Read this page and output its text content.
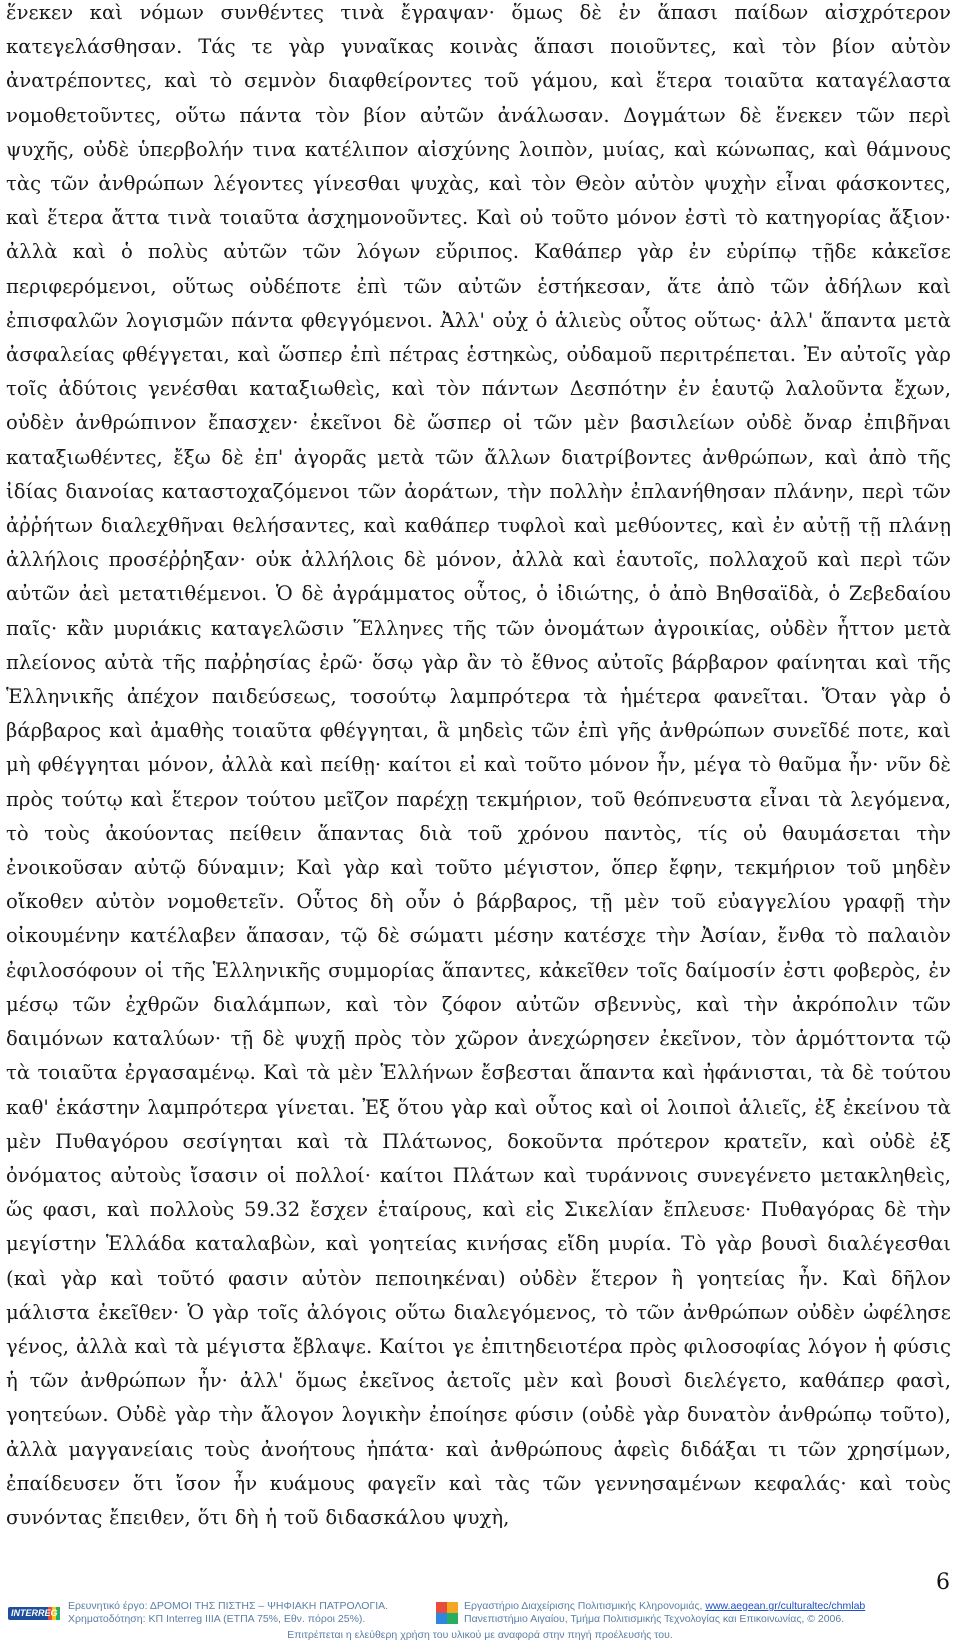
ἕνεκεν καὶ νόμων συνθέντες τινὰ ἔγραψαν· ὅμως δὲ ἐν ἅπασι παίδων αἰσχρότερον κατεγελάσθησαν. Τάς τε γὰρ γυναῖκας κοινὰς ἅπασι ποιοῦντες, καὶ τὸν βίον αὐτὸν ἀνατρέποντες, καὶ τὸ σεμνὸν διαφθείροντες τοῦ γάμου, καὶ ἕτερα τοιαῦτα καταγέλαστα νομοθετοῦντες, οὕτω πάντα τὸν βίον αὐτῶν ἀνάλωσαν. Δογμάτων δὲ ἕνεκεν τῶν περὶ ψυχῆς, οὐδὲ ὑπερβολήν τινα κατέλιπον αἰσχύνης λοιπὸν, μυίας, καὶ κώνωπας, καὶ θάμνους τὰς τῶν ἀνθρώπων λέγοντες γίνεσθαι ψυχὰς, καὶ τὸν Θεὸν αὐτὸν ψυχὴν εἶναι φάσκοντες, καὶ ἕτερα ἄττα τινὰ τοιαῦτα ἀσχημονοῦντες. Καὶ οὐ τοῦτο μόνον ἐστὶ τὸ κατηγορίας ἄξιον· ἀλλὰ καὶ ὁ πολὺς αὐτῶν τῶν λόγων εὔριπος. Καθάπερ γὰρ ἐν εὐρίπῳ τῇδε κἀκεῖσε περιφερόμενοι, οὕτως οὐδέποτε ἐπὶ τῶν αὐτῶν ἑστήκεσαν, ἅτε ἀπὸ τῶν ἀδήλων καὶ ἐπισφαλῶν λογισμῶν πάντα φθεγγόμενοι. Ἀλλ' οὐχ ὁ ἁλιεὺς οὗτος οὕτως· ἀλλ' ἅπαντα μετὰ ἀσφαλείας φθέγγεται, καὶ ὥσπερ ἐπὶ πέτρας ἑστηκὼς, οὐδαμοῦ περιτρέπεται. Ἐν αὐτοῖς γὰρ τοῖς ἀδύτοις γενέσθαι καταξιωθεὶς, καὶ τὸν πάντων Δεσπότην ἐν ἑαυτῷ λαλοῦντα ἔχων, οὐδὲν ἀνθρώπινον ἔπασχεν· ἐκεῖνοι δὲ ὥσπερ οἱ τῶν μὲν βασιλείων οὐδὲ ὄναρ ἐπιβῆναι καταξιωθέντες, ἔξω δὲ ἐπ' ἀγορᾶς μετὰ τῶν ἄλλων διατρίβοντες ἀνθρώπων, καὶ ἀπὸ τῆς ἰδίας διανοίας καταστοχαζόμενοι τῶν ἀοράτων, τὴν πολλὴν ἐπλανήθησαν πλάνην, περὶ τῶν ἀῤῥήτων διαλεχθῆναι θελήσαντες, καὶ καθάπερ τυφλοὶ καὶ μεθύοντες, καὶ ἐν αὐτῇ τῇ πλάνῃ ἀλλήλοις προσέῤῥηξαν· οὐκ ἀλλήλοις δὲ μόνον, ἀλλὰ καὶ ἑαυτοῖς, πολλαχοῦ καὶ περὶ τῶν αὐτῶν ἀεὶ μετατιθέμενοι. Ὁ δὲ ἀγράμματος οὗτος, ὁ ἰδιώτης, ὁ ἀπὸ Βηθσαϊδὰ, ὁ Ζεβεδαίου παῖς· κἂν μυριάκις καταγελῶσιν Ἕλληνες τῆς τῶν ὀνομάτων ἀγροικίας, οὐδὲν ἧττον μετὰ πλείονος αὐτὰ τῆς παῤῥησίας ἐρῶ· ὅσῳ γὰρ ἂν τὸ ἔθνος αὐτοῖς βάρβαρον φαίνηται καὶ τῆς Ἑλληνικῆς ἀπέχον παιδεύσεως, τοσούτῳ λαμπρότερα τὰ ἡμέτερα φανεῖται. Ὅταν γὰρ ὁ βάρβαρος καὶ ἀμαθὴς τοιαῦτα φθέγγηται, ἃ μηδεὶς τῶν ἐπὶ γῆς ἀνθρώπων συνεῖδέ ποτε, καὶ μὴ φθέγγηται μόνον, ἀλλὰ καὶ πείθῃ· καίτοι εἰ καὶ τοῦτο μόνον ἦν, μέγα τὸ θαῦμα ἦν· νῦν δὲ πρὸς τούτῳ καὶ ἕτερον τούτου μεῖζον παρέχῃ τεκμήριον, τοῦ θεόπνευστα εἶναι τὰ λεγόμενα, τὸ τοὺς ἀκούοντας πείθειν ἅπαντας διὰ τοῦ χρόνου παντὸς, τίς οὐ θαυμάσεται τὴν ἐνοικοῦσαν αὐτῷ δύναμιν; Καὶ γὰρ καὶ τοῦτο μέγιστον, ὅπερ ἔφην, τεκμήριον τοῦ μηδὲν οἴκοθεν αὐτὸν νομοθετεῖν. Οὗτος δὴ οὖν ὁ βάρβαρος, τῇ μὲν τοῦ εὐαγγελίου γραφῇ τὴν οἰκουμένην κατέλαβεν ἅπασαν, τῷ δὲ σώματι μέσην κατέσχε τὴν Ἀσίαν, ἔνθα τὸ παλαιὸν ἐφιλοσόφουν οἱ τῆς Ἑλληνικῆς συμμορίας ἅπαντες, κἀκεῖθεν τοῖς δαίμοσίν ἐστι φοβερὸς, ἐν μέσῳ τῶν ἐχθρῶν διαλάμπων, καὶ τὸν ζόφον αὐτῶν σβεννὺς, καὶ τὴν ἀκρόπολιν τῶν δαιμόνων καταλύων· τῇ δὲ ψυχῇ πρὸς τὸν χῶρον ἀνεχώρησεν ἐκεῖνον, τὸν ἁρμόττοντα τῷ τὰ τοιαῦτα ἐργασαμένῳ. Καὶ τὰ μὲν Ἑλλήνων ἔσβεσται ἅπαντα καὶ ἠφάνισται, τὰ δὲ τούτου καθ' ἑκάστην λαμπρότερα γίνεται. Ἐξ ὅτου γὰρ καὶ οὗτος καὶ οἱ λοιποὶ ἁλιεῖς, ἐξ ἐκείνου τὰ μὲν Πυθαγόρου σεσίγηται καὶ τὰ Πλάτωνος, δοκοῦντα πρότερον κρατεῖν, καὶ οὐδὲ ἐξ ὀνόματος αὐτοὺς ἴσασιν οἱ πολλοί· καίτοι Πλάτων καὶ τυράννοις συνεγένετο μετακληθεὶς, ὥς φασι, καὶ πολλοὺς 59.32 ἔσχεν ἑταίρους, καὶ εἰς Σικελίαν ἔπλευσε· Πυθαγόρας δὲ τὴν μεγίστην Ἑλλάδα καταλαβὼν, καὶ γοητείας κινήσας εἴδη μυρία. Τὸ γὰρ βουσὶ διαλέγεσθαι (καὶ γὰρ καὶ τοῦτό φασιν αὐτὸν πεποιηκέναι) οὐδὲν ἕτερον ἢ γοητείας ἦν. Καὶ δῆλον μάλιστα ἐκεῖθεν· Ὁ γὰρ τοῖς ἀλόγοις οὕτω διαλεγόμενος, τὸ τῶν ἀνθρώπων οὐδὲν ὠφέλησε γένος, ἀλλὰ καὶ τὰ μέγιστα ἔβλαψε. Καίτοι γε ἐπιτηδειοτέρα πρὸς φιλοσοφίας λόγον ἡ φύσις ἡ τῶν ἀνθρώπων ἦν· ἀλλ' ὅμως ἐκεῖνος ἀετοῖς μὲν καὶ βουσὶ διελέγετο, καθάπερ φασὶ, γοητεύων. Οὐδὲ γὰρ τὴν ἄλογον λογικὴν ἐποίησε φύσιν (οὐδὲ γὰρ δυνατὸν ἀνθρώπῳ τοῦτο), ἀλλὰ μαγγανείαις τοὺς ἀνοήτους ἠπάτα· καὶ ἀνθρώπους ἀφεὶς διδάξαι τι τῶν χρησίμων, ἐπαίδευσεν ὅτι ἴσον ἦν κυάμους φαγεῖν καὶ τὰς τῶν γεννησαμένων κεφαλάς· καὶ τοὺς συνόντας ἔπειθεν, ὅτι δὴ ἡ τοῦ διδασκάλου ψυχὴ,

6
INTERREG
Ερευνητικό έργο: ΔΡΟΜΟΙ ΤΗΣ ΠΙΣΤΗΣ – ΨΗΦΙΑΚΗ ΠΑΤΡΟΛΟΓΙΑ.
Χρηματοδότηση: ΚΠ Interreg IIIA (ΕΤΠΑ 75%, Εθν. πόροι 25%).
Εργαστήριο Διαχείρισης Πολιτισμικής Κληρονομιάς, www.aegean.gr/culturaltec/chmlab
Πανεπιστήμιο Αιγαίου, Τμήμα Πολιτισμικής Τεχνολογίας και Επικοινωνίας, © 2006.
Επιτρέπεται η ελεύθερη χρήση του υλικού με αναφορά στην πηγή προέλευσής του.
